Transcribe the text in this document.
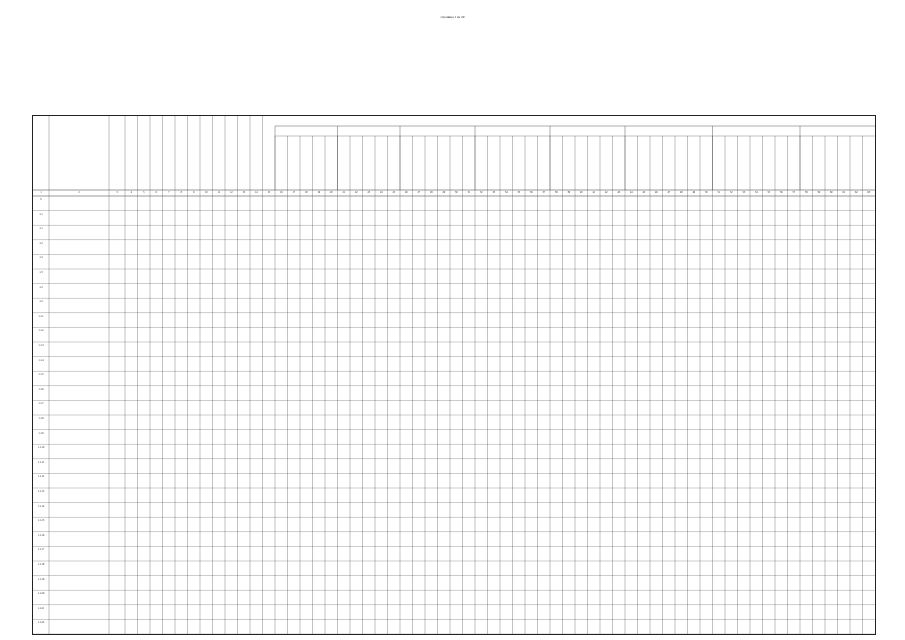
страница 1 из 29
1	2	3	4	5	6	7	8	9	10	11	12	13	14	15	16	17	18	19	20	21	22	23	24	25	26	27	28	29	30	31	32	33	34	35	36	37	38	39	40	41	42	43	44	45	46	47	48	49	50	51	52	53	54	55	56	57	58	59	60	61	62	63
0
1.1
1.1
1.2
1.2
1.3
1.2
1.2
1.1.1
1.1.2
1.1.3
1.1.4
1.1.5
1.1.6
1.1.7
1.1.8
1.1.9
1.1.10
1.1.11
1.1.12
1.1.13
1.1.14
1.1.15
1.1.16
1.1.17
1.1.18
1.1.19
1.1.20
1.1.21
1.1.22
